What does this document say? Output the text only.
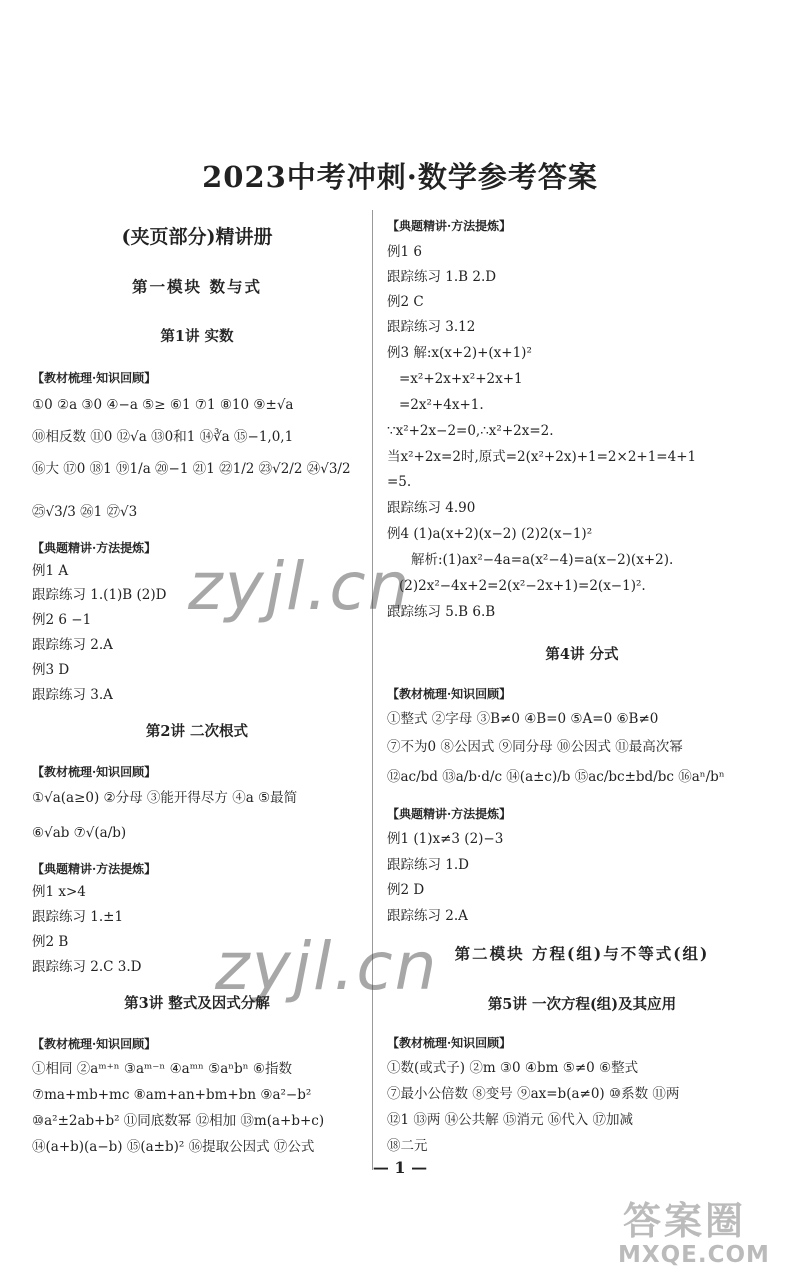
2023中考冲刺·数学参考答案
(夹页部分)精讲册
第一模块 数与式
第1讲 实数
【教材梳理·知识回顾】
①0 ②a ③0 ④−a ⑤≥ ⑥1 ⑦1 ⑧10 ⑨±√a
⑩相反数 ⑪0 ⑫√a ⑬0和1 ⑭∛a ⑮−1,0,1
⑯大 ⑰0 ⑱1 ⑲1/a ⑳−1 ㉑1 ㉒1/2 ㉓√2/2 ㉔√3/2
㉕√3/3 ㉖1 ㉗√3
【典题精讲·方法提炼】
例1 A
跟踪练习 1.(1)B (2)D
例2 6 −1
跟踪练习 2.A
例3 D
跟踪练习 3.A
第2讲 二次根式
【教材梳理·知识回顾】
①√a(a≥0) ②分母 ③能开得尽方 ④a ⑤最简
⑥√ab ⑦√(a/b)
【典题精讲·方法提炼】
例1 x>4
跟踪练习 1.±1
例2 B
跟踪练习 2.C 3.D
第3讲 整式及因式分解
【教材梳理·知识回顾】
①相同 ②aᵐ⁺ⁿ ③aᵐ⁻ⁿ ④aᵐⁿ ⑤aⁿbⁿ ⑥指数
⑦ma+mb+mc ⑧am+an+bm+bn ⑨a²−b²
⑩a²±2ab+b² ⑪同底数幂 ⑫相加 ⑬m(a+b+c)
⑭(a+b)(a−b) ⑮(a±b)² ⑯提取公因式 ⑰公式
【典题精讲·方法提炼】
例1 6
跟踪练习 1.B 2.D
例2 C
跟踪练习 3.12
例3 解:x(x+2)+(x+1)²
=x²+2x+x²+2x+1
=2x²+4x+1.
∵x²+2x−2=0,∴x²+2x=2.
当x²+2x=2时,原式=2(x²+2x)+1=2×2+1=4+1
=5.
跟踪练习 4.90
例4 (1)a(x+2)(x−2) (2)2(x−1)²
解析:(1)ax²−4a=a(x²−4)=a(x−2)(x+2).
(2)2x²−4x+2=2(x²−2x+1)=2(x−1)².
跟踪练习 5.B 6.B
第4讲 分式
【教材梳理·知识回顾】
①整式 ②字母 ③B≠0 ④B=0 ⑤A=0 ⑥B≠0
⑦不为0 ⑧公因式 ⑨同分母 ⑩公因式 ⑪最高次幂
⑫ac/bd ⑬a/b·d/c ⑭(a±c)/b ⑮ac/bc±bd/bc ⑯aⁿ/bⁿ
【典题精讲·方法提炼】
例1 (1)x≠3 (2)−3
跟踪练习 1.D
例2 D
跟踪练习 2.A
第二模块 方程(组)与不等式(组)
第5讲 一次方程(组)及其应用
【教材梳理·知识回顾】
①数(或式子) ②m ③0 ④bm ⑤≠0 ⑥整式
⑦最小公倍数 ⑧变号 ⑨ax=b(a≠0) ⑩系数 ⑪两
⑫1 ⑬两 ⑭公共解 ⑮消元 ⑯代入 ⑰加减
⑱二元
— 1 —
zyjl.cn
zyjl.cn
答案圈
MXQE.COM
